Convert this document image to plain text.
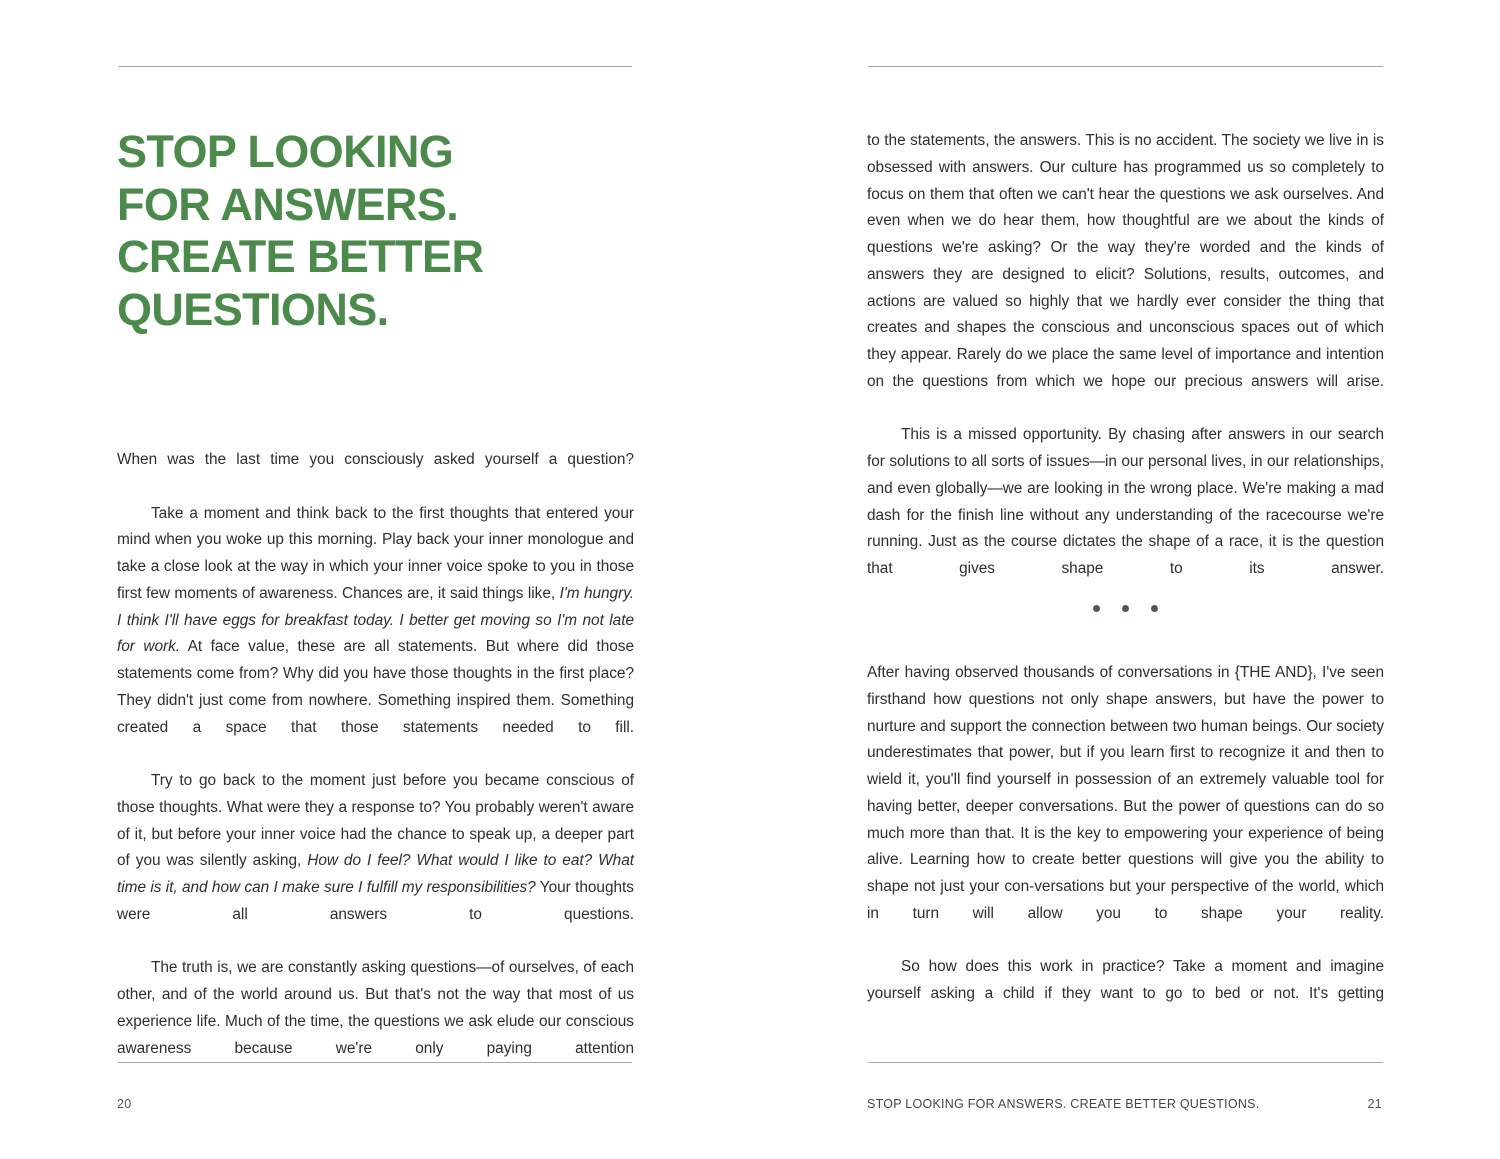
STOP LOOKING
FOR ANSWERS.
CREATE BETTER
QUESTIONS.

When was the last time you consciously asked yourself a question?

Take a moment and think back to the first thoughts that entered your mind when you woke up this morning. Play back your inner monologue and take a close look at the way in which your inner voice spoke to you in those first few moments of awareness. Chances are, it said things like, I'm hungry. I think I'll have eggs for breakfast today. I better get moving so I'm not late for work. At face value, these are all statements. But where did those statements come from? Why did you have those thoughts in the first place? They didn't just come from nowhere. Something inspired them. Something created a space that those statements needed to fill.

Try to go back to the moment just before you became conscious of those thoughts. What were they a response to? You probably weren't aware of it, but before your inner voice had the chance to speak up, a deeper part of you was silently asking, How do I feel? What would I like to eat? What time is it, and how can I make sure I fulfill my responsibilities? Your thoughts were all answers to questions.

The truth is, we are constantly asking questions—of ourselves, of each other, and of the world around us. But that's not the way that most of us experience life. Much of the time, the questions we ask elude our conscious awareness because we're only paying attention

20

to the statements, the answers. This is no accident. The society we live in is obsessed with answers. Our culture has programmed us so completely to focus on them that often we can't hear the questions we ask ourselves. And even when we do hear them, how thoughtful are we about the kinds of questions we're asking? Or the way they're worded and the kinds of answers they are designed to elicit? Solutions, results, outcomes, and actions are valued so highly that we hardly ever consider the thing that creates and shapes the conscious and unconscious spaces out of which they appear. Rarely do we place the same level of importance and intention on the questions from which we hope our precious answers will arise.

This is a missed opportunity. By chasing after answers in our search for solutions to all sorts of issues—in our personal lives, in our relationships, and even globally—we are looking in the wrong place. We're making a mad dash for the finish line without any understanding of the racecourse we're running. Just as the course dictates the shape of a race, it is the question that gives shape to its answer.

After having observed thousands of conversations in {THE AND}, I've seen firsthand how questions not only shape answers, but have the power to nurture and support the connection between two human beings. Our society underestimates that power, but if you learn first to recognize it and then to wield it, you'll find yourself in possession of an extremely valuable tool for having better, deeper conversations. But the power of questions can do so much more than that. It is the key to empowering your experience of being alive. Learning how to create better questions will give you the ability to shape not just your con-versations but your perspective of the world, which in turn will allow you to shape your reality.

So how does this work in practice? Take a moment and imagine yourself asking a child if they want to go to bed or not. It's getting

STOP LOOKING FOR ANSWERS. CREATE BETTER QUESTIONS.	21
